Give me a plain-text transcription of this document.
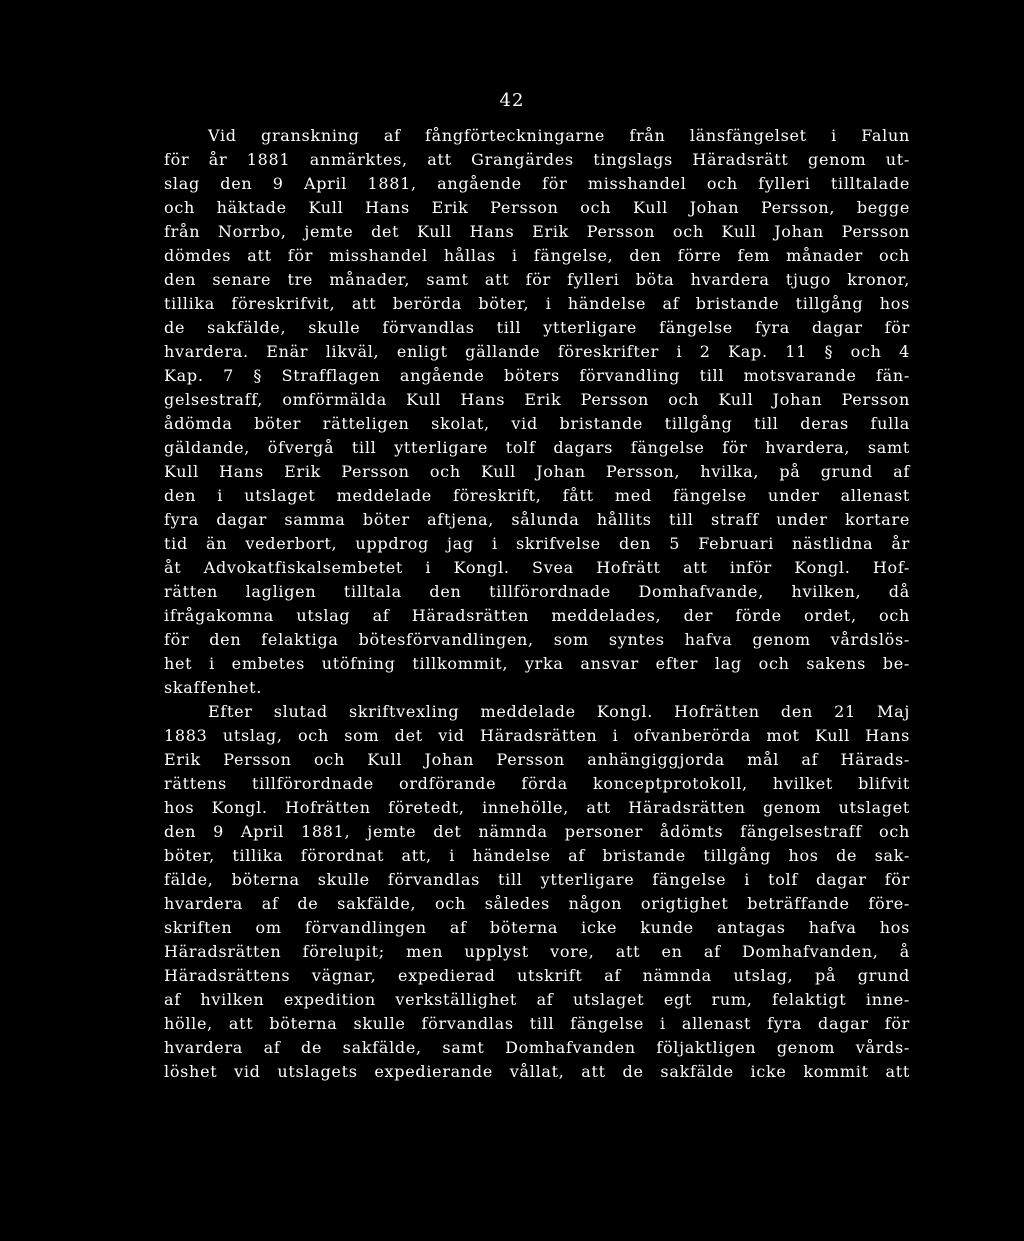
42
Vid granskning af fångförteckningarne från länsfängelset i Falun
för år 1881 anmärktes, att Grangärdes tingslags Häradsrätt genom ut-
slag den 9 April 1881, angående för misshandel och fylleri tilltalade
och häktade Kull Hans Erik Persson och Kull Johan Persson, begge
från Norrbo, jemte det Kull Hans Erik Persson och Kull Johan Persson
dömdes att för misshandel hållas i fängelse, den förre fem månader och
den senare tre månader, samt att för fylleri böta hvardera tjugo kronor,
tillika föreskrifvit, att berörda böter, i händelse af bristande tillgång hos
de sakfälde, skulle förvandlas till ytterligare fängelse fyra dagar för
hvardera. Enär likväl, enligt gällande föreskrifter i 2 Kap. 11 § och 4
Kap. 7 § Strafflagen angående böters förvandling till motsvarande fän-
gelsestraff, omförmälda Kull Hans Erik Persson och Kull Johan Persson
ådömda böter rätteligen skolat, vid bristande tillgång till deras fulla
gäldande, öfvergå till ytterligare tolf dagars fängelse för hvardera, samt
Kull Hans Erik Persson och Kull Johan Persson, hvilka, på grund af
den i utslaget meddelade föreskrift, fått med fängelse under allenast
fyra dagar samma böter aftjena, sålunda hållits till straff under kortare
tid än vederbort, uppdrog jag i skrifvelse den 5 Februari nästlidna år
åt Advokatfiskalsembetet i Kongl. Svea Hofrätt att inför Kongl. Hof-
rätten lagligen tilltala den tillförordnade Domhafvande, hvilken, då
ifrågakomna utslag af Häradsrätten meddelades, der förde ordet, och
för den felaktiga bötesförvandlingen, som syntes hafva genom vårdslös-
het i embetes utöfning tillkommit, yrka ansvar efter lag och sakens be-
skaffenhet.
Efter slutad skriftvexling meddelade Kongl. Hofrätten den 21 Maj
1883 utslag, och som det vid Häradsrätten i ofvanberörda mot Kull Hans
Erik Persson och Kull Johan Persson anhängiggjorda mål af Härads-
rättens tillförordnade ordförande förda konceptprotokoll, hvilket blifvit
hos Kongl. Hofrätten företedt, innehölle, att Häradsrätten genom utslaget
den 9 April 1881, jemte det nämnda personer ådömts fängelsestraff och
böter, tillika förordnat att, i händelse af bristande tillgång hos de sak-
fälde, böterna skulle förvandlas till ytterligare fängelse i tolf dagar för
hvardera af de sakfälde, och således någon origtighet beträffande före-
skriften om förvandlingen af böterna icke kunde antagas hafva hos
Häradsrätten förelupit; men upplyst vore, att en af Domhafvanden, å
Häradsrättens vägnar, expedierad utskrift af nämnda utslag, på grund
af hvilken expedition verkställighet af utslaget egt rum, felaktigt inne-
hölle, att böterna skulle förvandlas till fängelse i allenast fyra dagar för
hvardera af de sakfälde, samt Domhafvanden följaktligen genom vårds-
löshet vid utslagets expedierande vållat, att de sakfälde icke kommit att
